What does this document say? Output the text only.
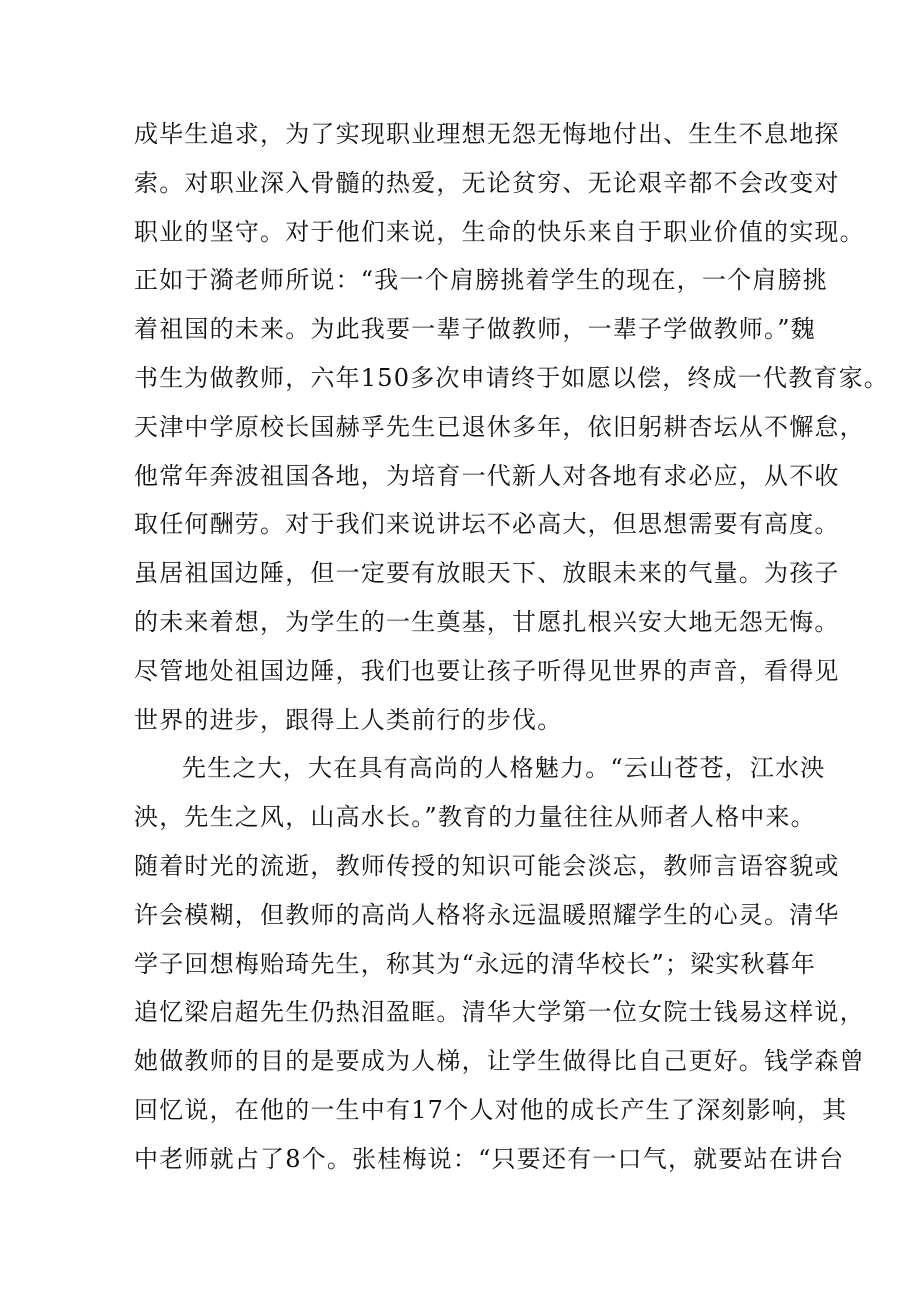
成毕生追求，为了实现职业理想无怨无悔地付出、生生不息地探
索。对职业深入骨髓的热爱，无论贫穷、无论艰辛都不会改变对
职业的坚守。对于他们来说，生命的快乐来自于职业价值的实现。
正如于漪老师所说：“我一个肩膀挑着学生的现在，一个肩膀挑
着祖国的未来。为此我要一辈子做教师，一辈子学做教师。”魏
书生为做教师，六年150多次申请终于如愿以偿，终成一代教育家。
天津中学原校长国赫孚先生已退休多年，依旧躬耕杏坛从不懈怠，
他常年奔波祖国各地，为培育一代新人对各地有求必应，从不收
取任何酬劳。对于我们来说讲坛不必高大，但思想需要有高度。
虽居祖国边陲，但一定要有放眼天下、放眼未来的气量。为孩子
的未来着想，为学生的一生奠基，甘愿扎根兴安大地无怨无悔。
尽管地处祖国边陲，我们也要让孩子听得见世界的声音，看得见
世界的进步，跟得上人类前行的步伐。
先生之大，大在具有高尚的人格魅力。“云山苍苍，江水泱
泱，先生之风，山高水长。”教育的力量往往从师者人格中来。
随着时光的流逝，教师传授的知识可能会淡忘，教师言语容貌或
许会模糊，但教师的高尚人格将永远温暖照耀学生的心灵。清华
学子回想梅贻琦先生，称其为“永远的清华校长”；梁实秋暮年
追忆梁启超先生仍热泪盈眶。清华大学第一位女院士钱易这样说，
她做教师的目的是要成为人梯，让学生做得比自己更好。钱学森曾
回忆说，在他的一生中有17个人对他的成长产生了深刻影响，其
中老师就占了8个。张桂梅说：“只要还有一口气，就要站在讲台
